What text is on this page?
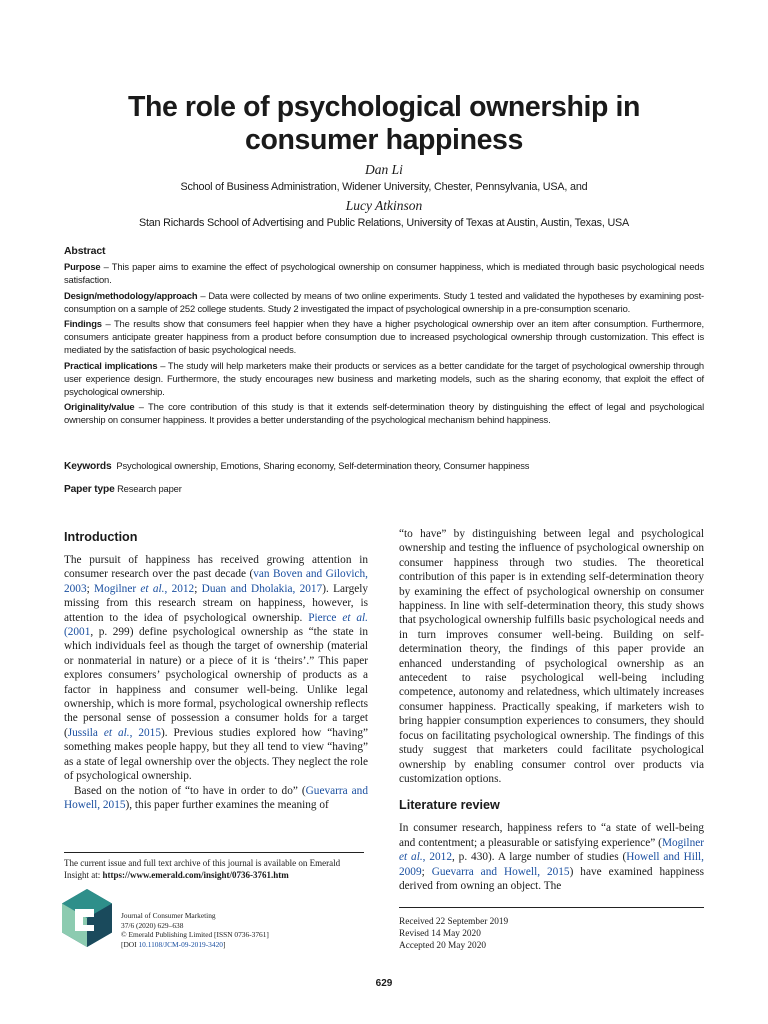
The role of psychological ownership in
consumer happiness
Dan Li
School of Business Administration, Widener University, Chester, Pennsylvania, USA, and
Lucy Atkinson
Stan Richards School of Advertising and Public Relations, University of Texas at Austin, Austin, Texas, USA

Abstract

Purpose – This paper aims to examine the effect of psychological ownership on consumer happiness, which is mediated through basic psychological needs satisfaction.

Design/methodology/approach – Data were collected by means of two online experiments. Study 1 tested and validated the hypotheses by examining post-consumption on a sample of 252 college students. Study 2 investigated the impact of psychological ownership in a pre-consumption scenario.

Findings – The results show that consumers feel happier when they have a higher psychological ownership over an item after consumption. Furthermore, consumers anticipate greater happiness from a product before consumption due to increased psychological ownership through customization. This effect is mediated by the satisfaction of basic psychological needs.

Practical implications – The study will help marketers make their products or services as a better candidate for the target of psychological ownership through user experience design. Furthermore, the study encourages new business and marketing models, such as the sharing economy, that exploit the effect of psychological ownership.

Originality/value – The core contribution of this study is that it extends self-determination theory by distinguishing the effect of legal and psychological ownership on consumer happiness. It provides a better understanding of the psychological mechanism behind happiness.

Keywords Psychological ownership, Emotions, Sharing economy, Self-determination theory, Consumer happiness
Paper type Research paper
Introduction

The pursuit of happiness has received growing attention in consumer research over the past decade (van Boven and Gilovich, 2003; Mogilner et al., 2012; Duan and Dholakia, 2017). Largely missing from this research stream on happiness, however, is attention to the idea of psychological ownership. Pierce et al. (2001, p. 299) define psychological ownership as “the state in which individuals feel as though the target of ownership (material or nonmaterial in nature) or a piece of it is ‘theirs’.” This paper explores consumers’ psychological ownership of products as a factor in happiness and consumer well-being. Unlike legal ownership, which is more formal, psychological ownership reflects the personal sense of possession a consumer holds for a target (Jussila et al., 2015). Previous studies explored how “having” something makes people happy, but they all tend to view “having” as a state of legal ownership over the objects. They neglect the role of psychological ownership.

Based on the notion of “to have in order to do” (Guevarra and Howell, 2015), this paper further examines the meaning of

“to have” by distinguishing between legal and psychological ownership and testing the influence of psychological ownership on consumer happiness through two studies. The theoretical contribution of this paper is in extending self-determination theory by examining the effect of psychological ownership on consumer happiness. In line with self-determination theory, this study shows that psychological ownership fulfills basic psychological needs and in turn improves consumer well-being. Building on self-determination theory, the findings of this paper provide an enhanced understanding of psychological ownership as an antecedent to raise psychological well-being including competence, autonomy and relatedness, which ultimately increases consumer happiness. Practically speaking, if marketers wish to bring happier consumption experiences to consumers, they should focus on facilitating psychological ownership. The findings of this study suggest that marketers could facilitate psychological ownership by enabling consumer control over products via customization options.

Literature review

In consumer research, happiness refers to “a state of well-being and contentment; a pleasurable or satisfying experience” (Mogilner et al., 2012, p. 430). A large number of studies (Howell and Hill, 2009; Guevarra and Howell, 2015) have examined happiness derived from owning an object. The

The current issue and full text archive of this journal is available on Emerald Insight at: https://www.emerald.com/insight/0736-3761.htm
Journal of Consumer Marketing
37/6 (2020) 629–638
© Emerald Publishing Limited [ISSN 0736-3761]
[DOI 10.1108/JCM-09-2019-3420]
Received 22 September 2019
Revised 14 May 2020
Accepted 20 May 2020
629
